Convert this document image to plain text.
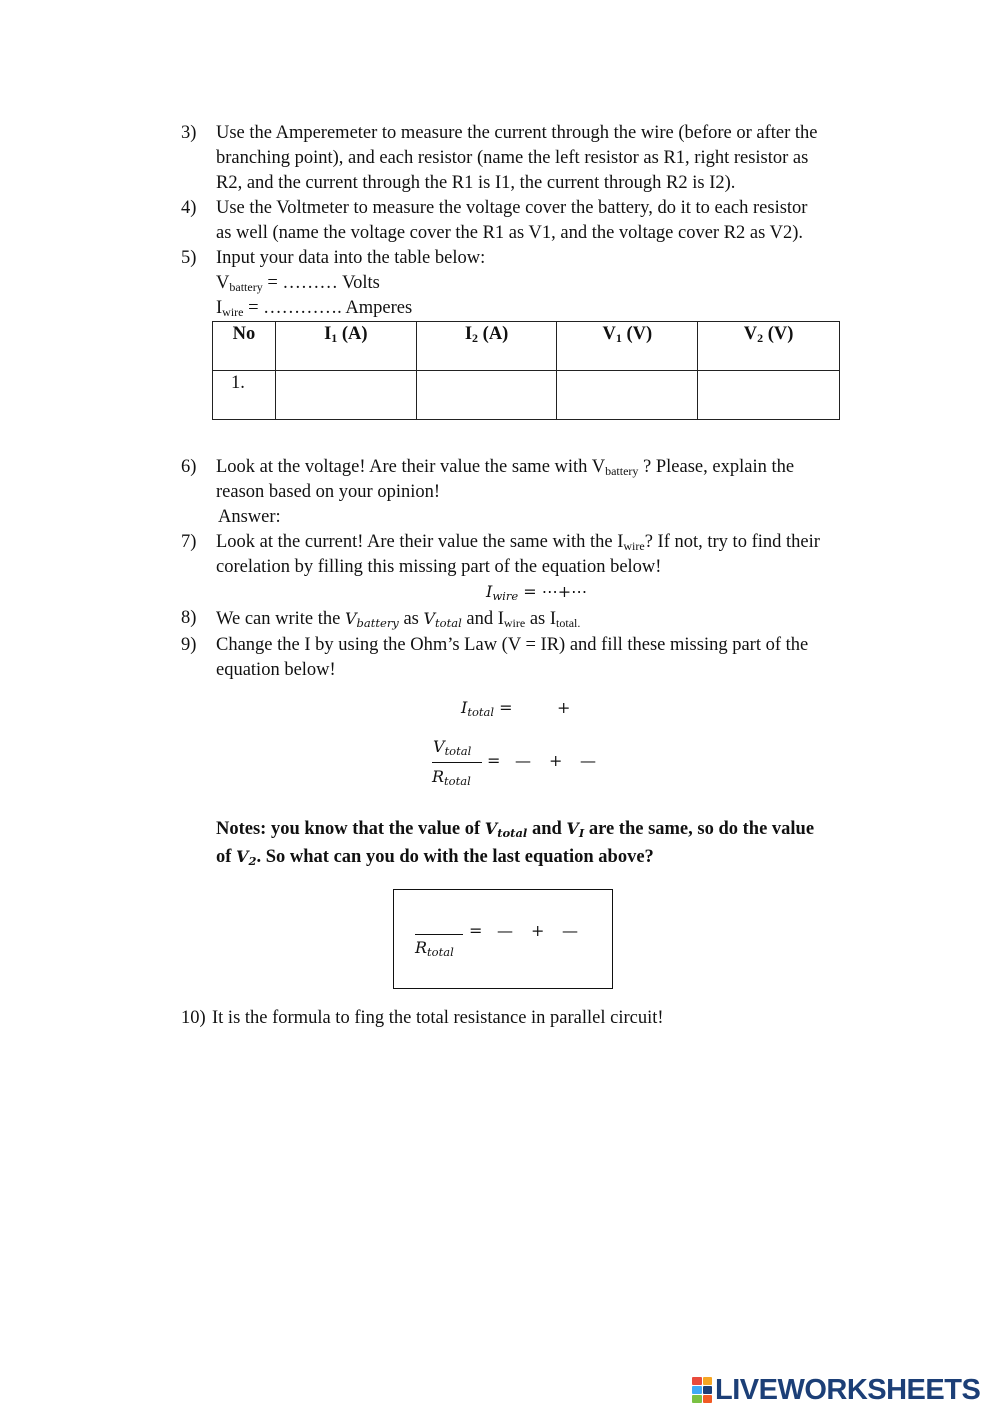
3) Use the Amperemeter to measure the current through the wire (before or after the
branching point), and each resistor (name the left resistor as R1, right resistor as
R2, and the current through the R1 is I1, the current through R2 is I2).
4) Use the Voltmeter to measure the voltage cover the battery, do it to each resistor
as well (name the voltage cover the R1 as V1, and the voltage cover R2 as V2).
5) Input your data into the table below:
$V_{battery}$ = ……… Volts
$I_{wire}$ = …………. Amperes
No	$I_1$ (A)	$I_2$ (A)	$V_1$ (V)	$V_2$ (V)
1.				
6) Look at the voltage! Are their value the same with $V_{battery}$ ? Please, explain the
reason based on your opinion!
Answer:
7) Look at the current! Are their value the same with the $I_{wire}$? If not, try to find their
corelation by filling this missing part of the equation below!
$I_{wire}$ = ⋯+⋯
8) We can write the $V_{battery}$ as $V_{total}$ and $I_{wire}$ as $I_{total.}$
9) Change the I by using the Ohm’s Law (V = IR) and fill these missing part of the
equation below!
$I_{total}$ =	+
$V_{total}$
$R_{total}$
= — + —
Notes: you know that the value of $V_{total}$ and $V_I$ are the same, so do the value
of $V_2$. So what can you do with the last equation above?
$R_{total}$
= — + —
10) It is the formula to fing the total resistance in parallel circuit!
LIVEWORKSHEETS
